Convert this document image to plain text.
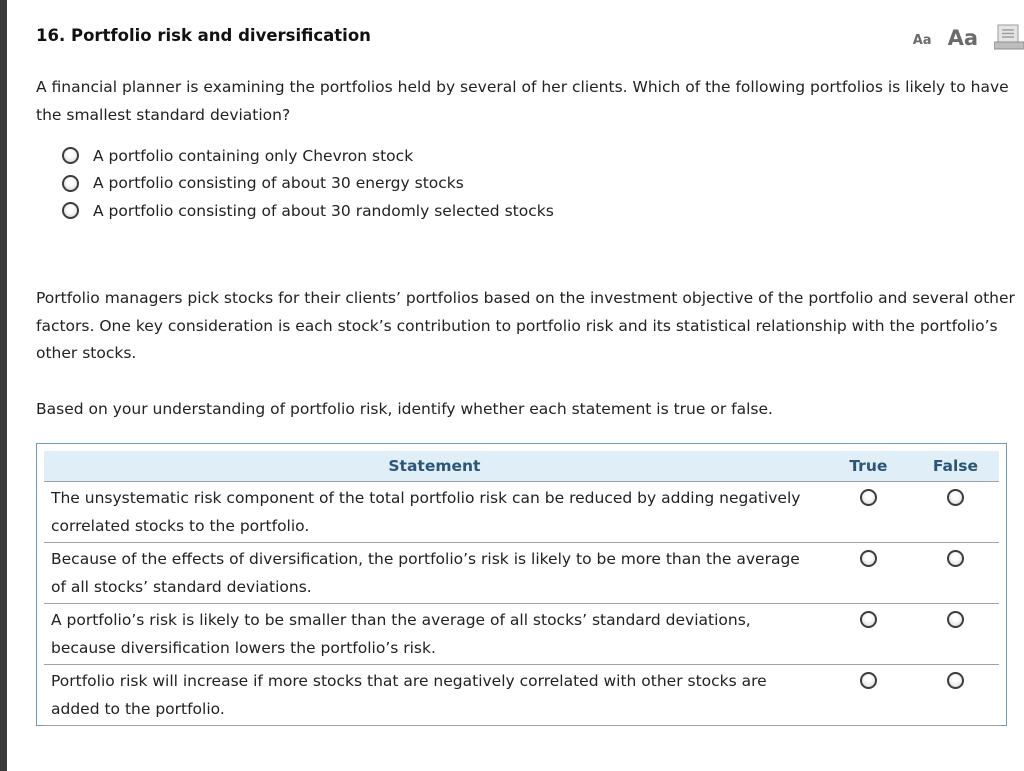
16. Portfolio risk and diversification	Aa Aa
A financial planner is examining the portfolios held by several of her clients. Which of the following portfolios is likely to have the smallest standard deviation?
A portfolio containing only Chevron stock
A portfolio consisting of about 30 energy stocks
A portfolio consisting of about 30 randomly selected stocks
Portfolio managers pick stocks for their clients’ portfolios based on the investment objective of the portfolio and several other factors. One key consideration is each stock’s contribution to portfolio risk and its statistical relationship with the portfolio’s other stocks.
Based on your understanding of portfolio risk, identify whether each statement is true or false.
Statement	True	False
The unsystematic risk component of the total portfolio risk can be reduced by adding negatively correlated stocks to the portfolio.		
Because of the effects of diversification, the portfolio’s risk is likely to be more than the average of all stocks’ standard deviations.		
A portfolio’s risk is likely to be smaller than the average of all stocks’ standard deviations, because diversification lowers the portfolio’s risk.		
Portfolio risk will increase if more stocks that are negatively correlated with other stocks are added to the portfolio.		
